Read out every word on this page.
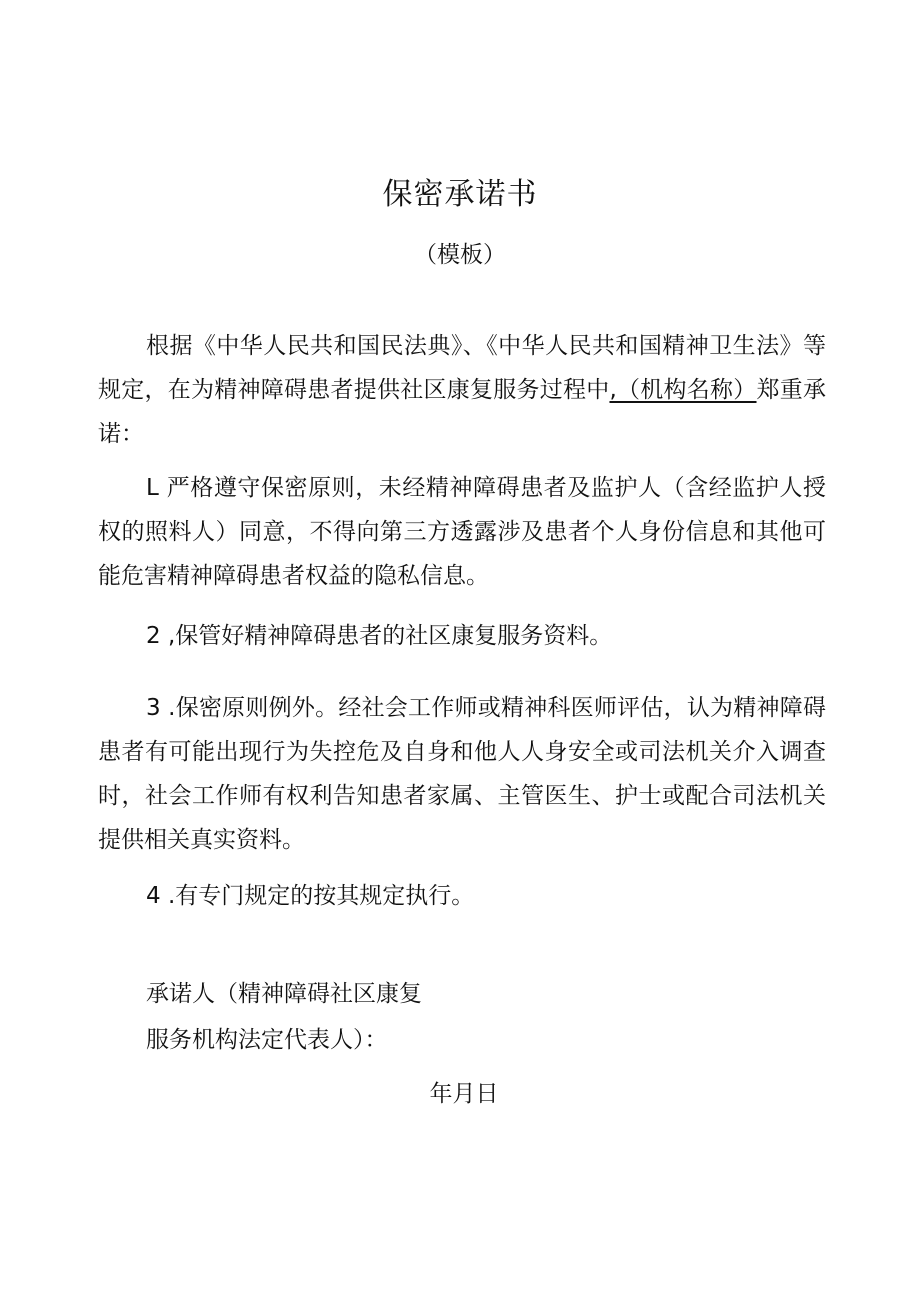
保密承诺书
（模板）

根据《中华人民共和国民法典》、《中华人民共和国精神卫生法》等规定，在为精神障碍患者提供社区康复服务过程中,（机构名称）郑重承诺：

L 严格遵守保密原则，未经精神障碍患者及监护人（含经监护人授权的照料人）同意，不得向第三方透露涉及患者个人身份信息和其他可能危害精神障碍患者权益的隐私信息。

2 ,保管好精神障碍患者的社区康复服务资料。

3 .保密原则例外。经社会工作师或精神科医师评估，认为精神障碍患者有可能出现行为失控危及自身和他人人身安全或司法机关介入调查时，社会工作师有权利告知患者家属、主管医生、护士或配合司法机关提供相关真实资料。

4 .有专门规定的按其规定执行。

承诺人（精神障碍社区康复

服务机构法定代表人）：

年月日
